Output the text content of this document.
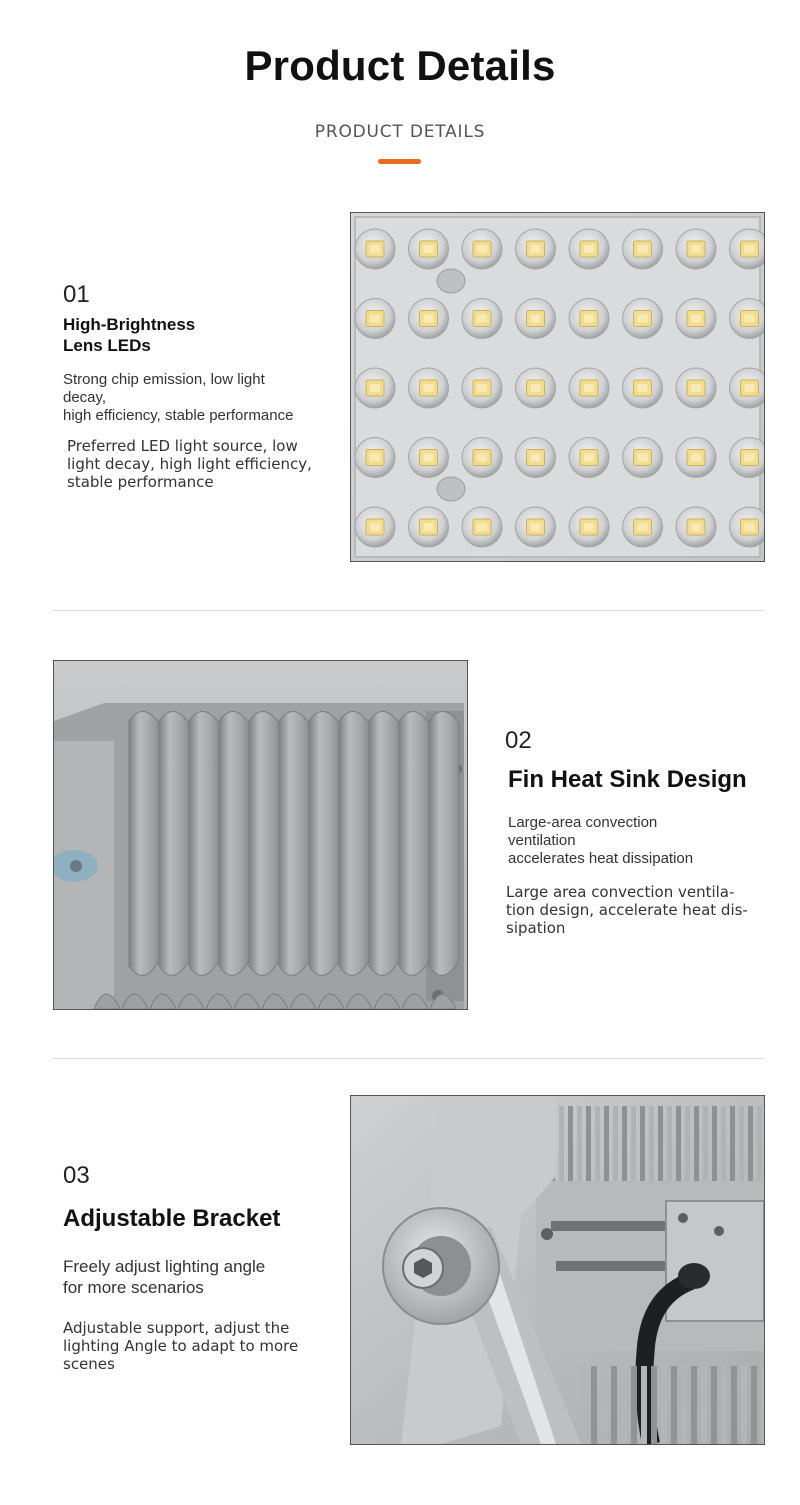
Product Details
PRODUCT DETAILS
01
High-Brightness
Lens LEDs
Strong chip emission, low light
decay,
high efficiency, stable performance
Preferred LED light source, low
light decay, high light efficiency,
stable performance
02
Fin Heat Sink Design
Large-area convection
ventilation
accelerates heat dissipation
Large area convection ventila-
tion design, accelerate heat dis-
sipation
03
Adjustable Bracket
Freely adjust lighting angle
for more scenarios
Adjustable support, adjust the
lighting Angle to adapt to more
scenes
